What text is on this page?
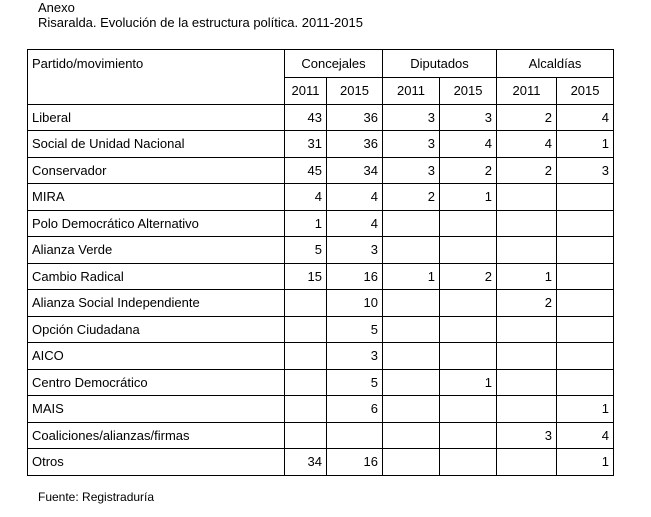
Anexo
Risaralda. Evolución de la estructura política. 2011-2015
Partido/movimiento	Concejales		Diputados		Alcaldías	
	2011	2015	2011	2015	2011	2015
Liberal	43	36	3	3	2	4
Social de Unidad Nacional	31	36	3	4	4	1
Conservador	45	34	3	2	2	3
MIRA	4	4	2	1		
Polo Democrático Alternativo	1	4				
Alianza Verde	5	3				
Cambio Radical	15	16	1	2	1	
Alianza Social Independiente		10			2	
Opción Ciudadana		5				
AICO		3				
Centro Democrático		5		1		
MAIS		6				1
Coaliciones/alianzas/firmas					3	4
Otros	34	16				1
Fuente: Registraduría
